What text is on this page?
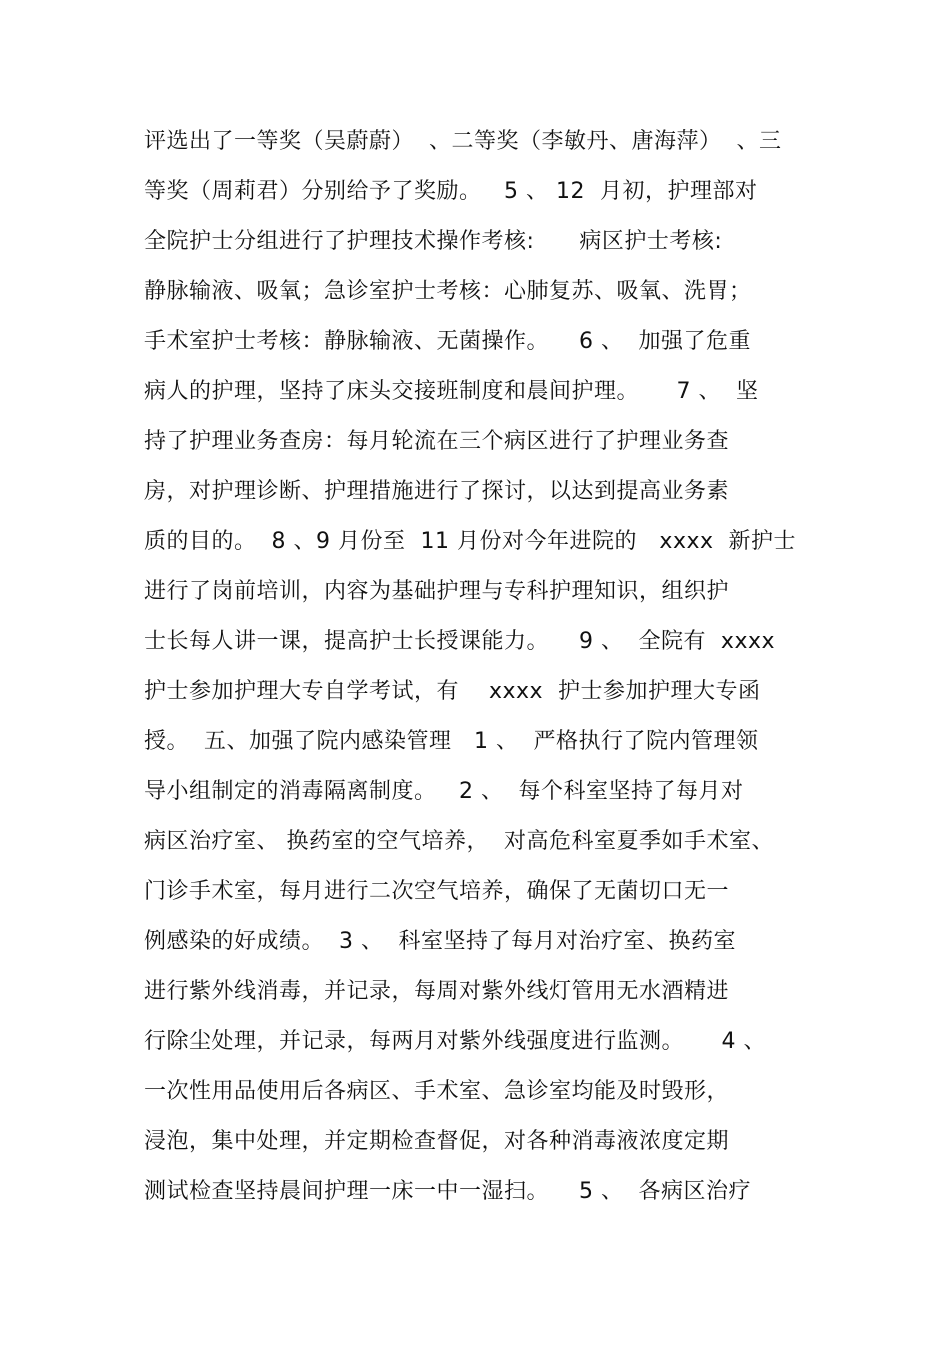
评选出了一等奖（吴蔚蔚）  、二等奖（李敏丹、唐海萍）  、三

等奖（周莉君）分别给予了奖励。   5 、 12  月初，护理部对

全院护士分组进行了护理技术操作考核:      病区护士考核:

静脉输液、吸氧；急诊室护士考核：心肺复苏、吸氧、洗胃；

手术室护士考核：静脉输液、无菌操作。    6 、  加强了危重

病人的护理，坚持了床头交接班制度和晨间护理。     7 、  坚

持了护理业务查房：每月轮流在三个病区进行了护理业务查

房，对护理诊断、护理措施进行了探讨，以达到提高业务素

质的目的。  8 、9 月份至  11 月份对今年进院的   xxxx  新护士

进行了岗前培训，内容为基础护理与专科护理知识，组织护

士长每人讲一课，提高护士长授课能力。    9 、  全院有  xxxx

护士参加护理大专自学考试，有    xxxx  护士参加护理大专函

授。  五、加强了院内感染管理   1 、  严格执行了院内管理领

导小组制定的消毒隔离制度。   2 、  每个科室坚持了每月对

病区治疗室、 换药室的空气培养，  对高危科室夏季如手术室、

门诊手术室，每月进行二次空气培养，确保了无菌切口无一

例感染的好成绩。  3 、  科室坚持了每月对治疗室、换药室

进行紫外线消毒，并记录，每周对紫外线灯管用无水酒精进

行除尘处理，并记录，每两月对紫外线强度进行监测。     4 、

一次性用品使用后各病区、手术室、急诊室均能及时毁形，

浸泡，集中处理，并定期检查督促，对各种消毒液浓度定期

测试检查坚持晨间护理一床一中一湿扫。    5 、  各病区治疗
